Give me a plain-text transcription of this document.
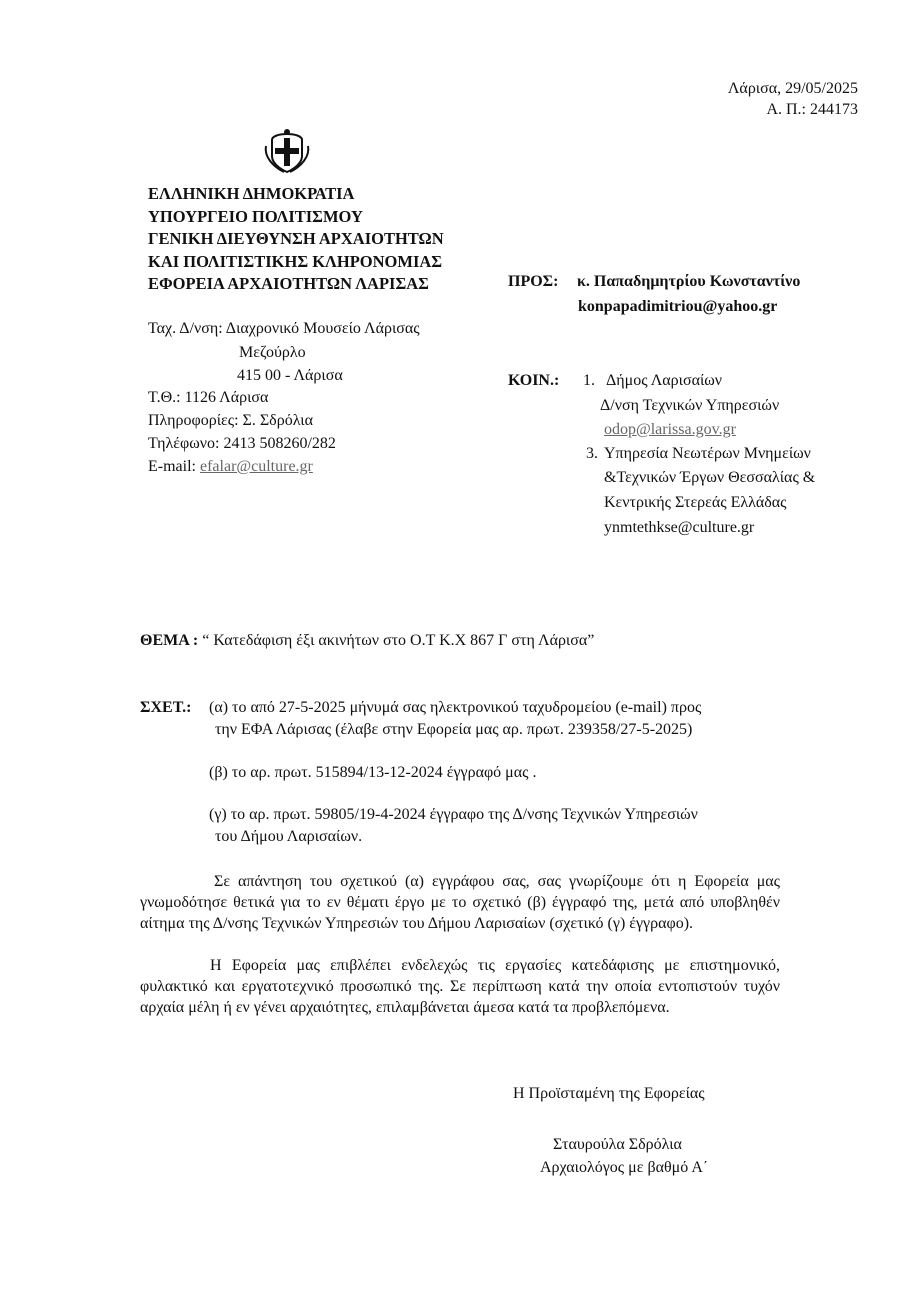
Λάρισα, 29/05/2025
Α. Π.: 244173
ΕΛΛΗΝΙΚΗ ΔΗΜΟΚΡΑΤΙΑ
ΥΠΟΥΡΓΕΙΟ ΠΟΛΙΤΙΣΜΟΥ
ΓΕΝΙΚΗ ΔΙΕΥΘΥΝΣΗ ΑΡΧΑΙΟΤΗΤΩΝ
ΚΑΙ ΠΟΛΙΤΙΣΤΙΚΗΣ ΚΛΗΡΟΝΟΜΙΑΣ
ΕΦΟΡΕΙΑ ΑΡΧΑΙΟΤΗΤΩΝ ΛΑΡΙΣΑΣ
Ταχ. Δ/νση: Διαχρονικό Μουσείο Λάρισας
Μεζούρλο
415 00 - Λάρισα
Τ.Θ.: 1126 Λάρισα
Πληροφορίες: Σ. Σδρόλια
Τηλέφωνο: 2413 508260/282
E-mail: efalar@culture.gr
ΠΡΟΣ: κ. Παπαδημητρίου Κωνσταντίνο
konpapadimitriou@yahoo.gr
ΚΟΙΝ.: 1. Δήμος Λαρισαίων
Δ/νση Τεχνικών Υπηρεσιών
odop@larissa.gov.gr
3. Υπηρεσία Νεωτέρων Μνημείων
&Τεχνικών Έργων Θεσσαλίας &
Κεντρικής Στερεάς Ελλάδας
ynmtethkse@culture.gr
ΘΕΜΑ : “ Κατεδάφιση έξι ακινήτων στο Ο.Τ Κ.Χ 867 Γ στη Λάρισα”
ΣΧΕΤ.: (α) το από 27-5-2025 μήνυμά σας ηλεκτρονικού ταχυδρομείου (e-mail) προς
την ΕΦΑ Λάρισας (έλαβε στην Εφορεία μας αρ. πρωτ. 239358/27-5-2025)
(β) το αρ. πρωτ. 515894/13-12-2024 έγγραφό μας .
(γ) το αρ. πρωτ. 59805/19-4-2024 έγγραφο της Δ/νσης Τεχνικών Υπηρεσιών
του Δήμου Λαρισαίων.
Σε απάντηση του σχετικού (α) εγγράφου σας, σας γνωρίζουμε ότι η Εφορεία μας γνωμοδότησε θετικά για το εν θέματι έργο με το σχετικό (β) έγγραφό της, μετά από υποβληθέν αίτημα της Δ/νσης Τεχνικών Υπηρεσιών του Δήμου Λαρισαίων (σχετικό (γ) έγγραφο).
Η Εφορεία μας επιβλέπει ενδελεχώς τις εργασίες κατεδάφισης με επιστημονικό, φυλακτικό και εργατοτεχνικό προσωπικό της. Σε περίπτωση κατά την οποία εντοπιστούν τυχόν αρχαία μέλη ή εν γένει αρχαιότητες, επιλαμβάνεται άμεσα κατά τα προβλεπόμενα.
Η Προϊσταμένη της Εφορείας
Σταυρούλα Σδρόλια
Αρχαιολόγος με βαθμό Α΄
